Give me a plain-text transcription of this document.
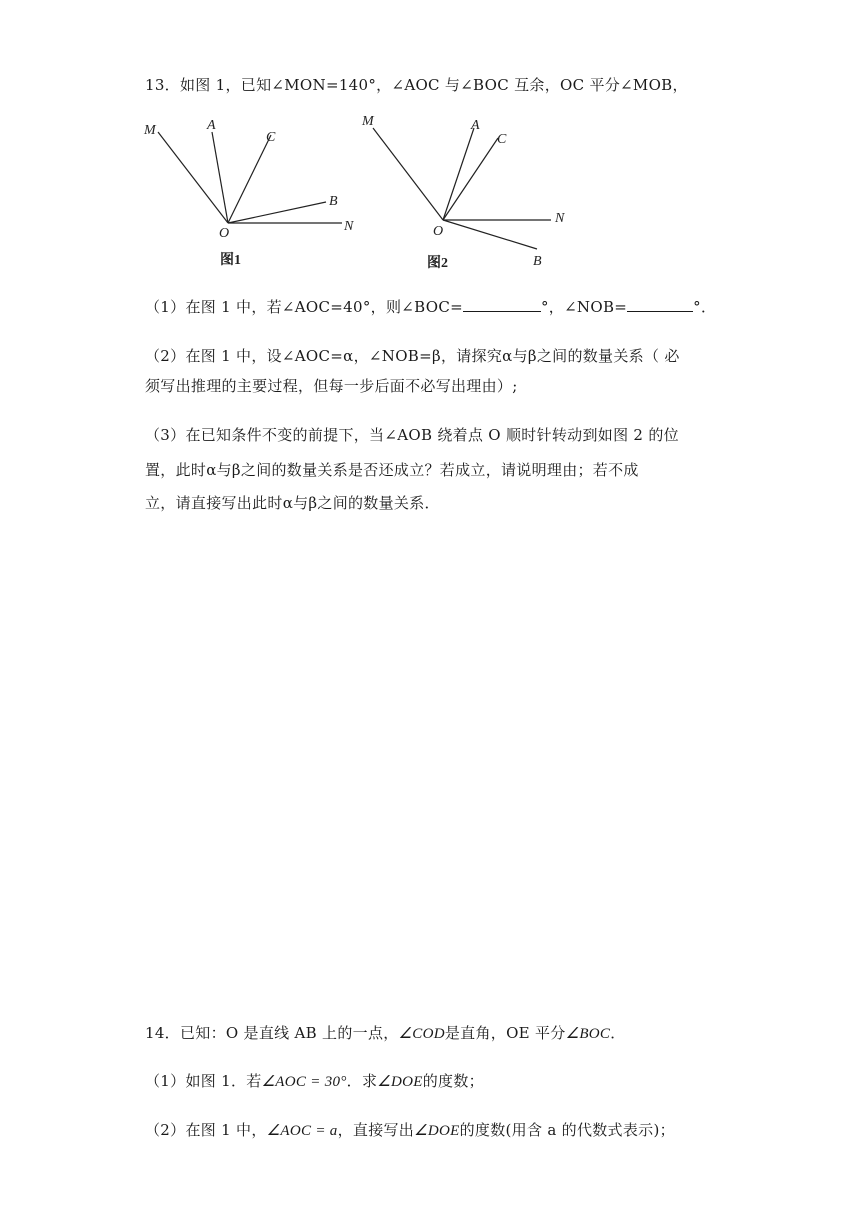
13．如图 1，已知∠MON=140°，∠AOC 与∠BOC 互余，OC 平分∠MOB，
M	A
C
B
N
O
图1
M	A
C
N
O
B
图2
（1）在图 1 中，若∠AOC=40°，则∠BOC=	°，∠NOB=	°．
（2）在图 1 中，设∠AOC=α，∠NOB=β，请探究α与β之间的数量关系（ 必
须写出推理的主要过程，但每一步后面不必写出理由）;
（3）在已知条件不变的前提下，当∠AOB 绕着点 O 顺时针转动到如图 2 的位
置，此时α与β之间的数量关系是否还成立？若成立，请说明理由；若不成
立，请直接写出此时α与β之间的数量关系．
14．已知：O 是直线 AB 上的一点，∠COD是直角，OE 平分∠BOC．
（1）如图 1．若∠AOC = 30°．求∠DOE的度数；
（2）在图 1 中，∠AOC = a，直接写出∠DOE的度数(用含 a 的代数式表示)；
